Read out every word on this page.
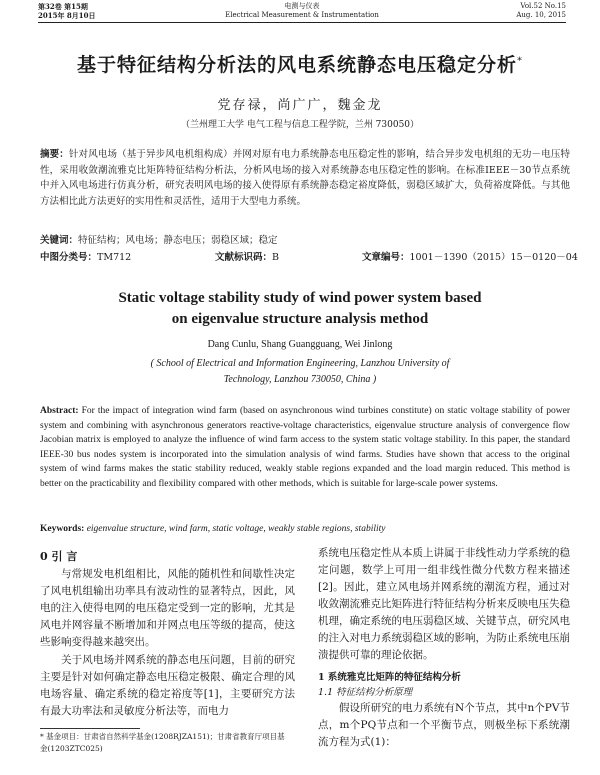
第32卷 第15期
2015年 8月10日
电测与仪表
Electrical Measurement & Instrumentation
Vol.52 No.15
Aug. 10, 2015
基于特征结构分析法的风电系统静态电压稳定分析*
党存禄，尚广广，魏金龙
（兰州理工大学 电气工程与信息工程学院，兰州 730050）
摘要：针对风电场（基于异步风电机组构成）并网对原有电力系统静态电压稳定性的影响，结合异步发电机组的无功－电压特性，采用收敛潮流雅克比矩阵特征结构分析法，分析风电场的接入对系统静态电压稳定性的影响。在标准IEEE－30节点系统中并入风电场进行仿真分析，研究表明风电场的接入使得原有系统静态稳定裕度降低，弱稳区域扩大，负荷裕度降低。与其他方法相比此方法更好的实用性和灵活性，适用于大型电力系统。
关键词：特征结构；风电场；静态电压；弱稳区域；稳定
中图分类号：TM712	文献标识码：B	文章编号：1001－1390（2015）15－0120－04
Static voltage stability study of wind power system based
on eigenvalue structure analysis method
Dang Cunlu, Shang Guangguang, Wei Jinlong
( School of Electrical and Information Engineering, Lanzhou University of Technology, Lanzhou 730050, China )
Abstract: For the impact of integration wind farm (based on asynchronous wind turbines constitute) on static voltage stability of power system and combining with asynchronous generators reactive-voltage characteristics, eigenvalue structure analysis of convergence flow Jacobian matrix is employed to analyze the influence of wind farm access to the system static voltage stability. In this paper, the standard IEEE-30 bus nodes system is incorporated into the simulation analysis of wind farms. Studies have shown that access to the original system of wind farms makes the static stability reduced, weakly stable regions expanded and the load margin reduced. This method is better on the practicability and flexibility compared with other methods, which is suitable for large-scale power systems.
Keywords: eigenvalue structure, wind farm, static voltage, weakly stable regions, stability
0 引 言
与常规发电机组相比，风能的随机性和间歇性决定了风电机组输出功率具有波动性的显著特点，因此，风电的注入使得电网的电压稳定受到一定的影响，尤其是风电并网容量不断增加和并网点电压等级的提高，使这些影响变得越来越突出。
关于风电场并网系统的静态电压问题，目前的研究主要是针对如何确定静态电压稳定极限、确定合理的风电场容量、确定系统的稳定裕度等[1]，主要研究方法有最大功率法和灵敏度分析法等，而电力
系统电压稳定性从本质上讲属于非线性动力学系统的稳定问题，数学上可用一组非线性微分代数方程来描述[2]。因此，建立风电场并网系统的潮流方程，通过对收敛潮流雅克比矩阵进行特征结构分析来反映电压失稳机理，确定系统的电压弱稳区域、关键节点，研究风电的注入对电力系统弱稳区域的影响，为防止系统电压崩溃提供可靠的理论依据。
1 系统雅克比矩阵的特征结构分析
1.1 特征结构分析原理
假设所研究的电力系统有N个节点，其中n个PV节点，m个PQ节点和一个平衡节点，则极坐标下系统潮流方程为式(1)：
* 基金项目：甘肃省自然科学基金(1208RJZA151)；甘肃省教育厅项目基金(1203ZTC025)
